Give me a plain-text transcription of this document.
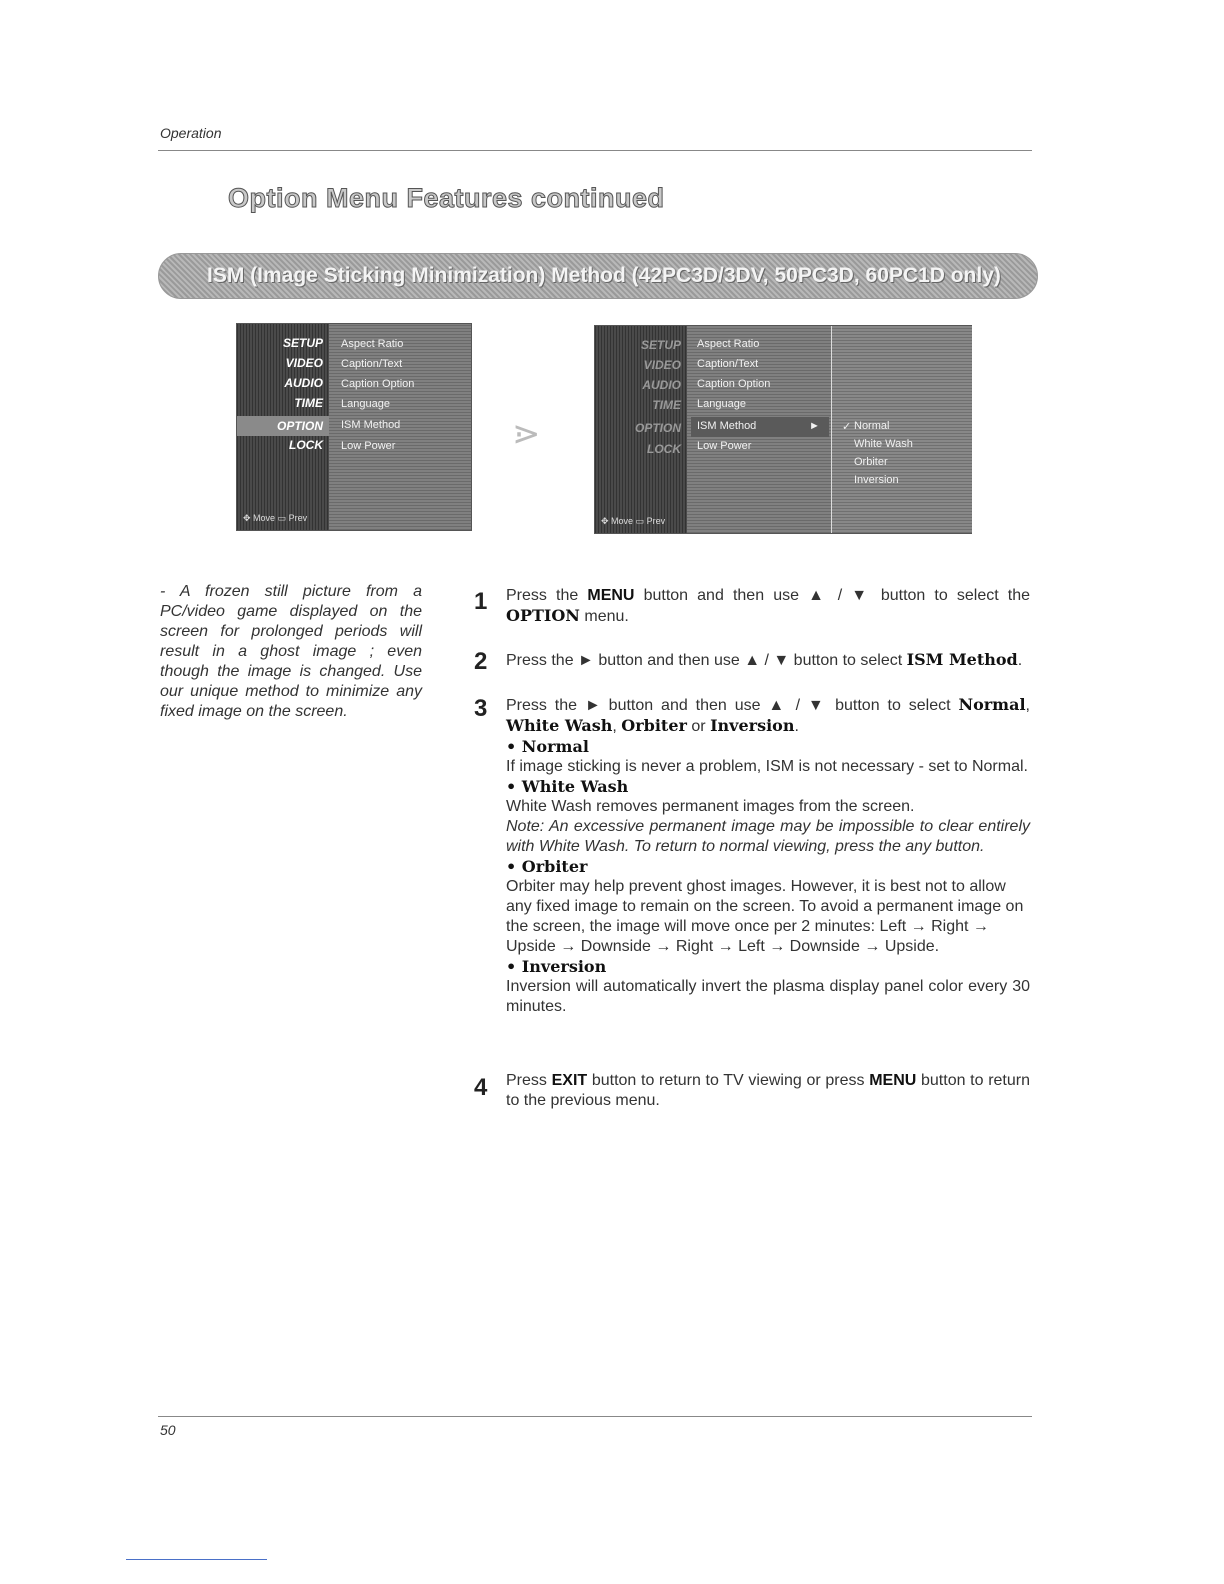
Operation
Option Menu Features continued
ISM (Image Sticking Minimization) Method (42PC3D/3DV, 50PC3D, 60PC1D only)
SETUP
VIDEO
AUDIO
TIME
OPTION
LOCK
✥ Move ▭ Prev
Aspect Ratio
Caption/Text
Caption Option
Language
ISM Method
Low Power	⋗
SETUP
VIDEO
AUDIO
TIME
OPTION
LOCK
✥ Move ▭ Prev
Aspect Ratio
Caption/Text
Caption Option
Language
ISM Method	►
Low Power
✓ Normal
White Wash
Orbiter
Inversion
- A frozen still picture from a PC/video game displayed on the screen for prolonged periods will result in a ghost image ; even though the image is changed. Use our unique method to minimize any fixed image on the screen.
1 Press the MENU button and then use ▲ / ▼ button to select the OPTION menu.
2 Press the ► button and then use ▲ / ▼ button to select ISM Method.
3 Press the ► button and then use ▲ / ▼ button to select Normal, White Wash, Orbiter or Inversion.
• Normal
If image sticking is never a problem, ISM is not necessary - set to Normal.
• White Wash
White Wash removes permanent images from the screen.
Note: An excessive permanent image may be impossible to clear entirely with White Wash. To return to normal viewing, press the any button.
• Orbiter
Orbiter may help prevent ghost images. However, it is best not to allow any fixed image to remain on the screen. To avoid a permanent image on the screen, the image will move once per 2 minutes: Left → Right → Upside → Downside → Right → Left → Downside → Upside.
• Inversion
Inversion will automatically invert the plasma display panel color every 30 minutes.
4 Press EXIT button to return to TV viewing or press MENU button to return to the previous menu.
50
